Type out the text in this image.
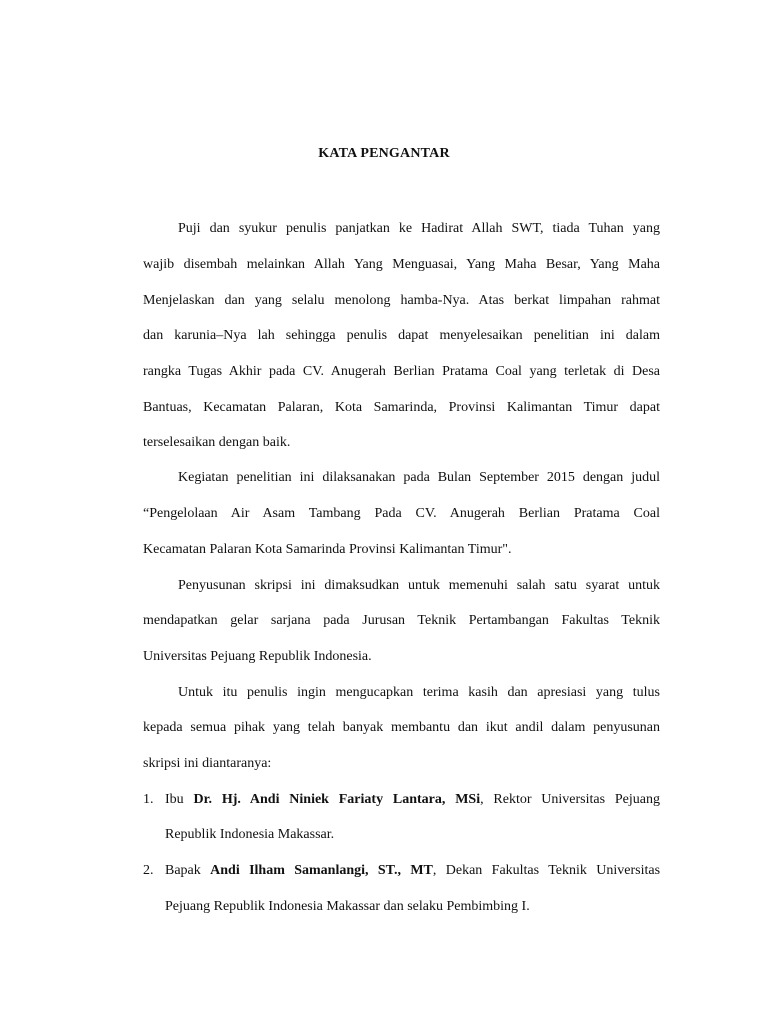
KATA PENGANTAR
Puji dan syukur penulis panjatkan ke Hadirat Allah SWT, tiada Tuhan yang
wajib disembah melainkan Allah Yang Menguasai, Yang Maha Besar, Yang Maha
Menjelaskan dan yang selalu menolong hamba-Nya. Atas berkat limpahan rahmat
dan karunia–Nya lah sehingga penulis dapat menyelesaikan penelitian ini dalam
rangka Tugas Akhir pada CV. Anugerah Berlian Pratama Coal yang terletak di Desa
Bantuas, Kecamatan Palaran, Kota Samarinda, Provinsi Kalimantan Timur dapat
terselesaikan dengan baik.
Kegiatan penelitian ini dilaksanakan pada Bulan September 2015 dengan judul
“Pengelolaan Air Asam Tambang Pada CV. Anugerah Berlian Pratama Coal
Kecamatan Palaran Kota Samarinda Provinsi Kalimantan Timur".
Penyusunan skripsi ini dimaksudkan untuk memenuhi salah satu syarat untuk
mendapatkan gelar sarjana pada Jurusan Teknik Pertambangan Fakultas Teknik
Universitas Pejuang Republik Indonesia.
Untuk itu penulis ingin mengucapkan terima kasih dan apresiasi yang tulus
kepada semua pihak yang telah banyak membantu dan ikut andil dalam penyusunan
skripsi ini diantaranya:
1. Ibu Dr. Hj. Andi Niniek Fariaty Lantara, MSi, Rektor Universitas Pejuang
Republik Indonesia Makassar.
2. Bapak Andi Ilham Samanlangi, ST., MT, Dekan Fakultas Teknik Universitas
Pejuang Republik Indonesia Makassar dan selaku Pembimbing I.
